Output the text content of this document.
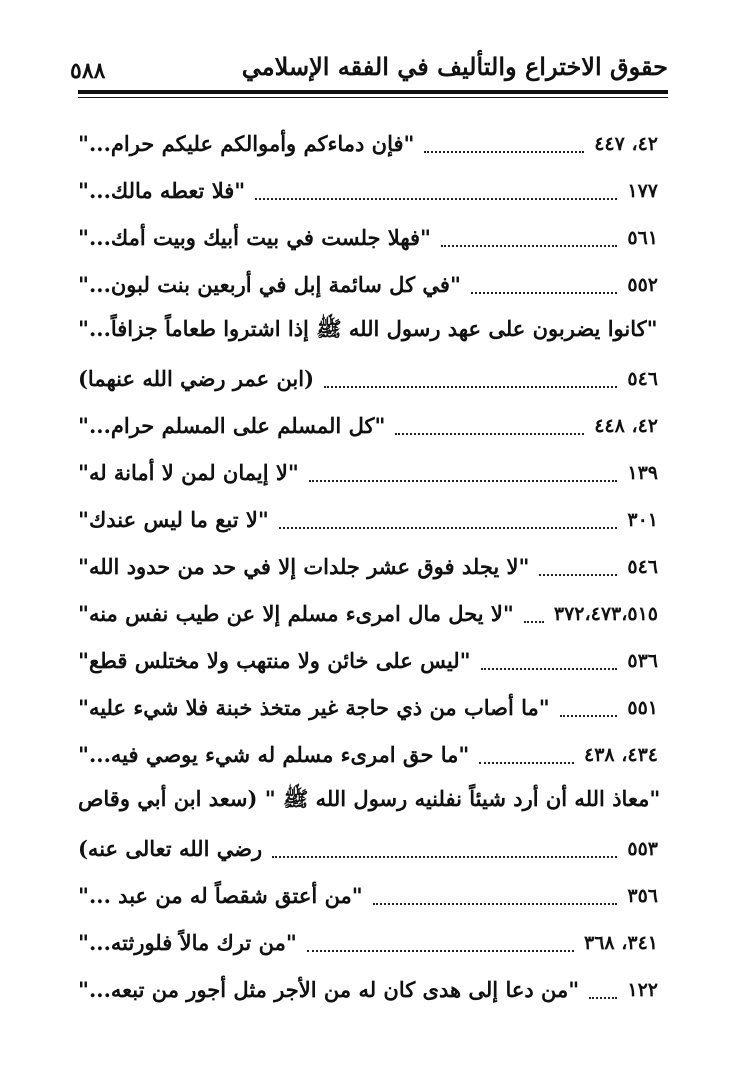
حقوق الاختراع والتأليف في الفقه الإسلامي
٥٨٨
"فإن دماءكم وأموالكم عليكم حرام..."	٤٢، ٤٤٧
"فلا تعطه مالك..."	١٧٧
"فهلا جلست في بيت أبيك وبيت أمك..."	٥٦١
"في كل سائمة إبل في أربعين بنت لبون..."	٥٥٢
"كانوا يضربون على عهد رسول الله ﷺ إذا اشتروا طعاماً جزافاً..."
(ابن عمر رضي الله عنهما)	٥٤٦
"كل المسلم على المسلم حرام..."	٤٢، ٤٤٨
"لا إيمان لمن لا أمانة له"	١٣٩
"لا تبع ما ليس عندك"	٣٠١
"لا يجلد فوق عشر جلدات إلا في حد من حدود الله"	٥٤٦
"لا يحل مال امرىء مسلم إلا عن طيب نفس منه" ٣٧٢،٤٧٣،٥١٥
"ليس على خائن ولا منتهب ولا مختلس قطع"	٥٣٦
"ما أصاب من ذي حاجة غير متخذ خبنة فلا شيء عليه"	٥٥١
"ما حق امرىء مسلم له شيء يوصي فيه..."	٤٣٤، ٤٣٨
"معاذ الله أن أرد شيئاً نفلنيه رسول الله ﷺ " (سعد ابن أبي وقاص
رضي الله تعالى عنه)	٥٥٣
"من أعتق شقصاً له من عبد ..."	٣٥٦
"من ترك مالاً فلورثته..."	٣٤١، ٣٦٨
"من دعا إلى هدى كان له من الأجر مثل أجور من تبعه..."	١٢٢
